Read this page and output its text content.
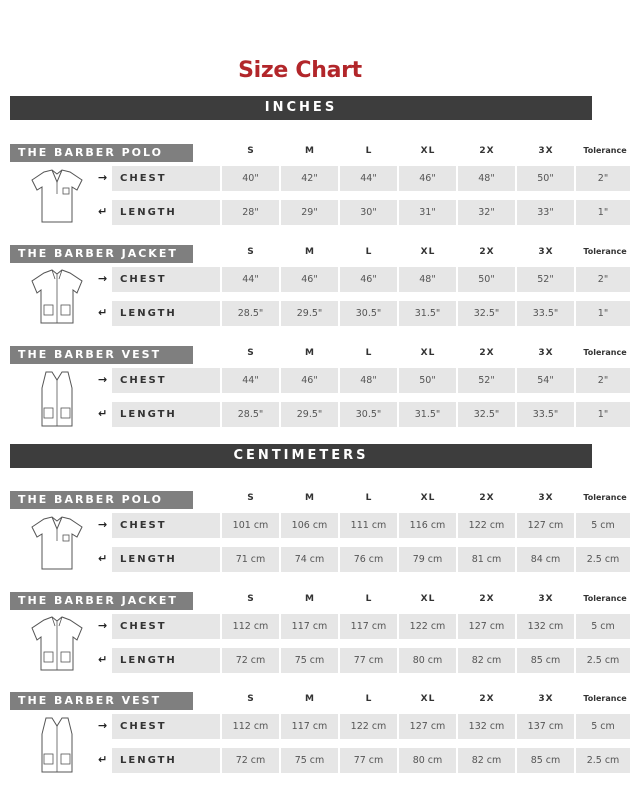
Size Chart
INCHES
CENTIMETERS
THE BARBER POLO	S	M	L	XL	2X	3X	Tolerance
→	CHEST	40"	42"	44"	46"	48"	50"	2"
↵	LENGTH	28"	29"	30"	31"	32"	33"	1"
THE BARBER JACKET	S	M	L	XL	2X	3X	Tolerance
→	CHEST	44"	46"	46"	48"	50"	52"	2"
↵	LENGTH	28.5"	29.5"	30.5"	31.5"	32.5"	33.5"	1"
THE BARBER VEST	S	M	L	XL	2X	3X	Tolerance
→	CHEST	44"	46"	48"	50"	52"	54"	2"
↵	LENGTH	28.5"	29.5"	30.5"	31.5"	32.5"	33.5"	1"
THE BARBER POLO	S	M	L	XL	2X	3X	Tolerance
→	CHEST	101 cm	106 cm	111 cm	116 cm	122 cm	127 cm	5 cm
↵	LENGTH	71 cm	74 cm	76 cm	79 cm	81 cm	84 cm	2.5 cm
THE BARBER JACKET	S	M	L	XL	2X	3X	Tolerance
→	CHEST	112 cm	117 cm	117 cm	122 cm	127 cm	132 cm	5 cm
↵	LENGTH	72 cm	75 cm	77 cm	80 cm	82 cm	85 cm	2.5 cm
THE BARBER VEST	S	M	L	XL	2X	3X	Tolerance
→	CHEST	112 cm	117 cm	122 cm	127 cm	132 cm	137 cm	5 cm
↵	LENGTH	72 cm	75 cm	77 cm	80 cm	82 cm	85 cm	2.5 cm
